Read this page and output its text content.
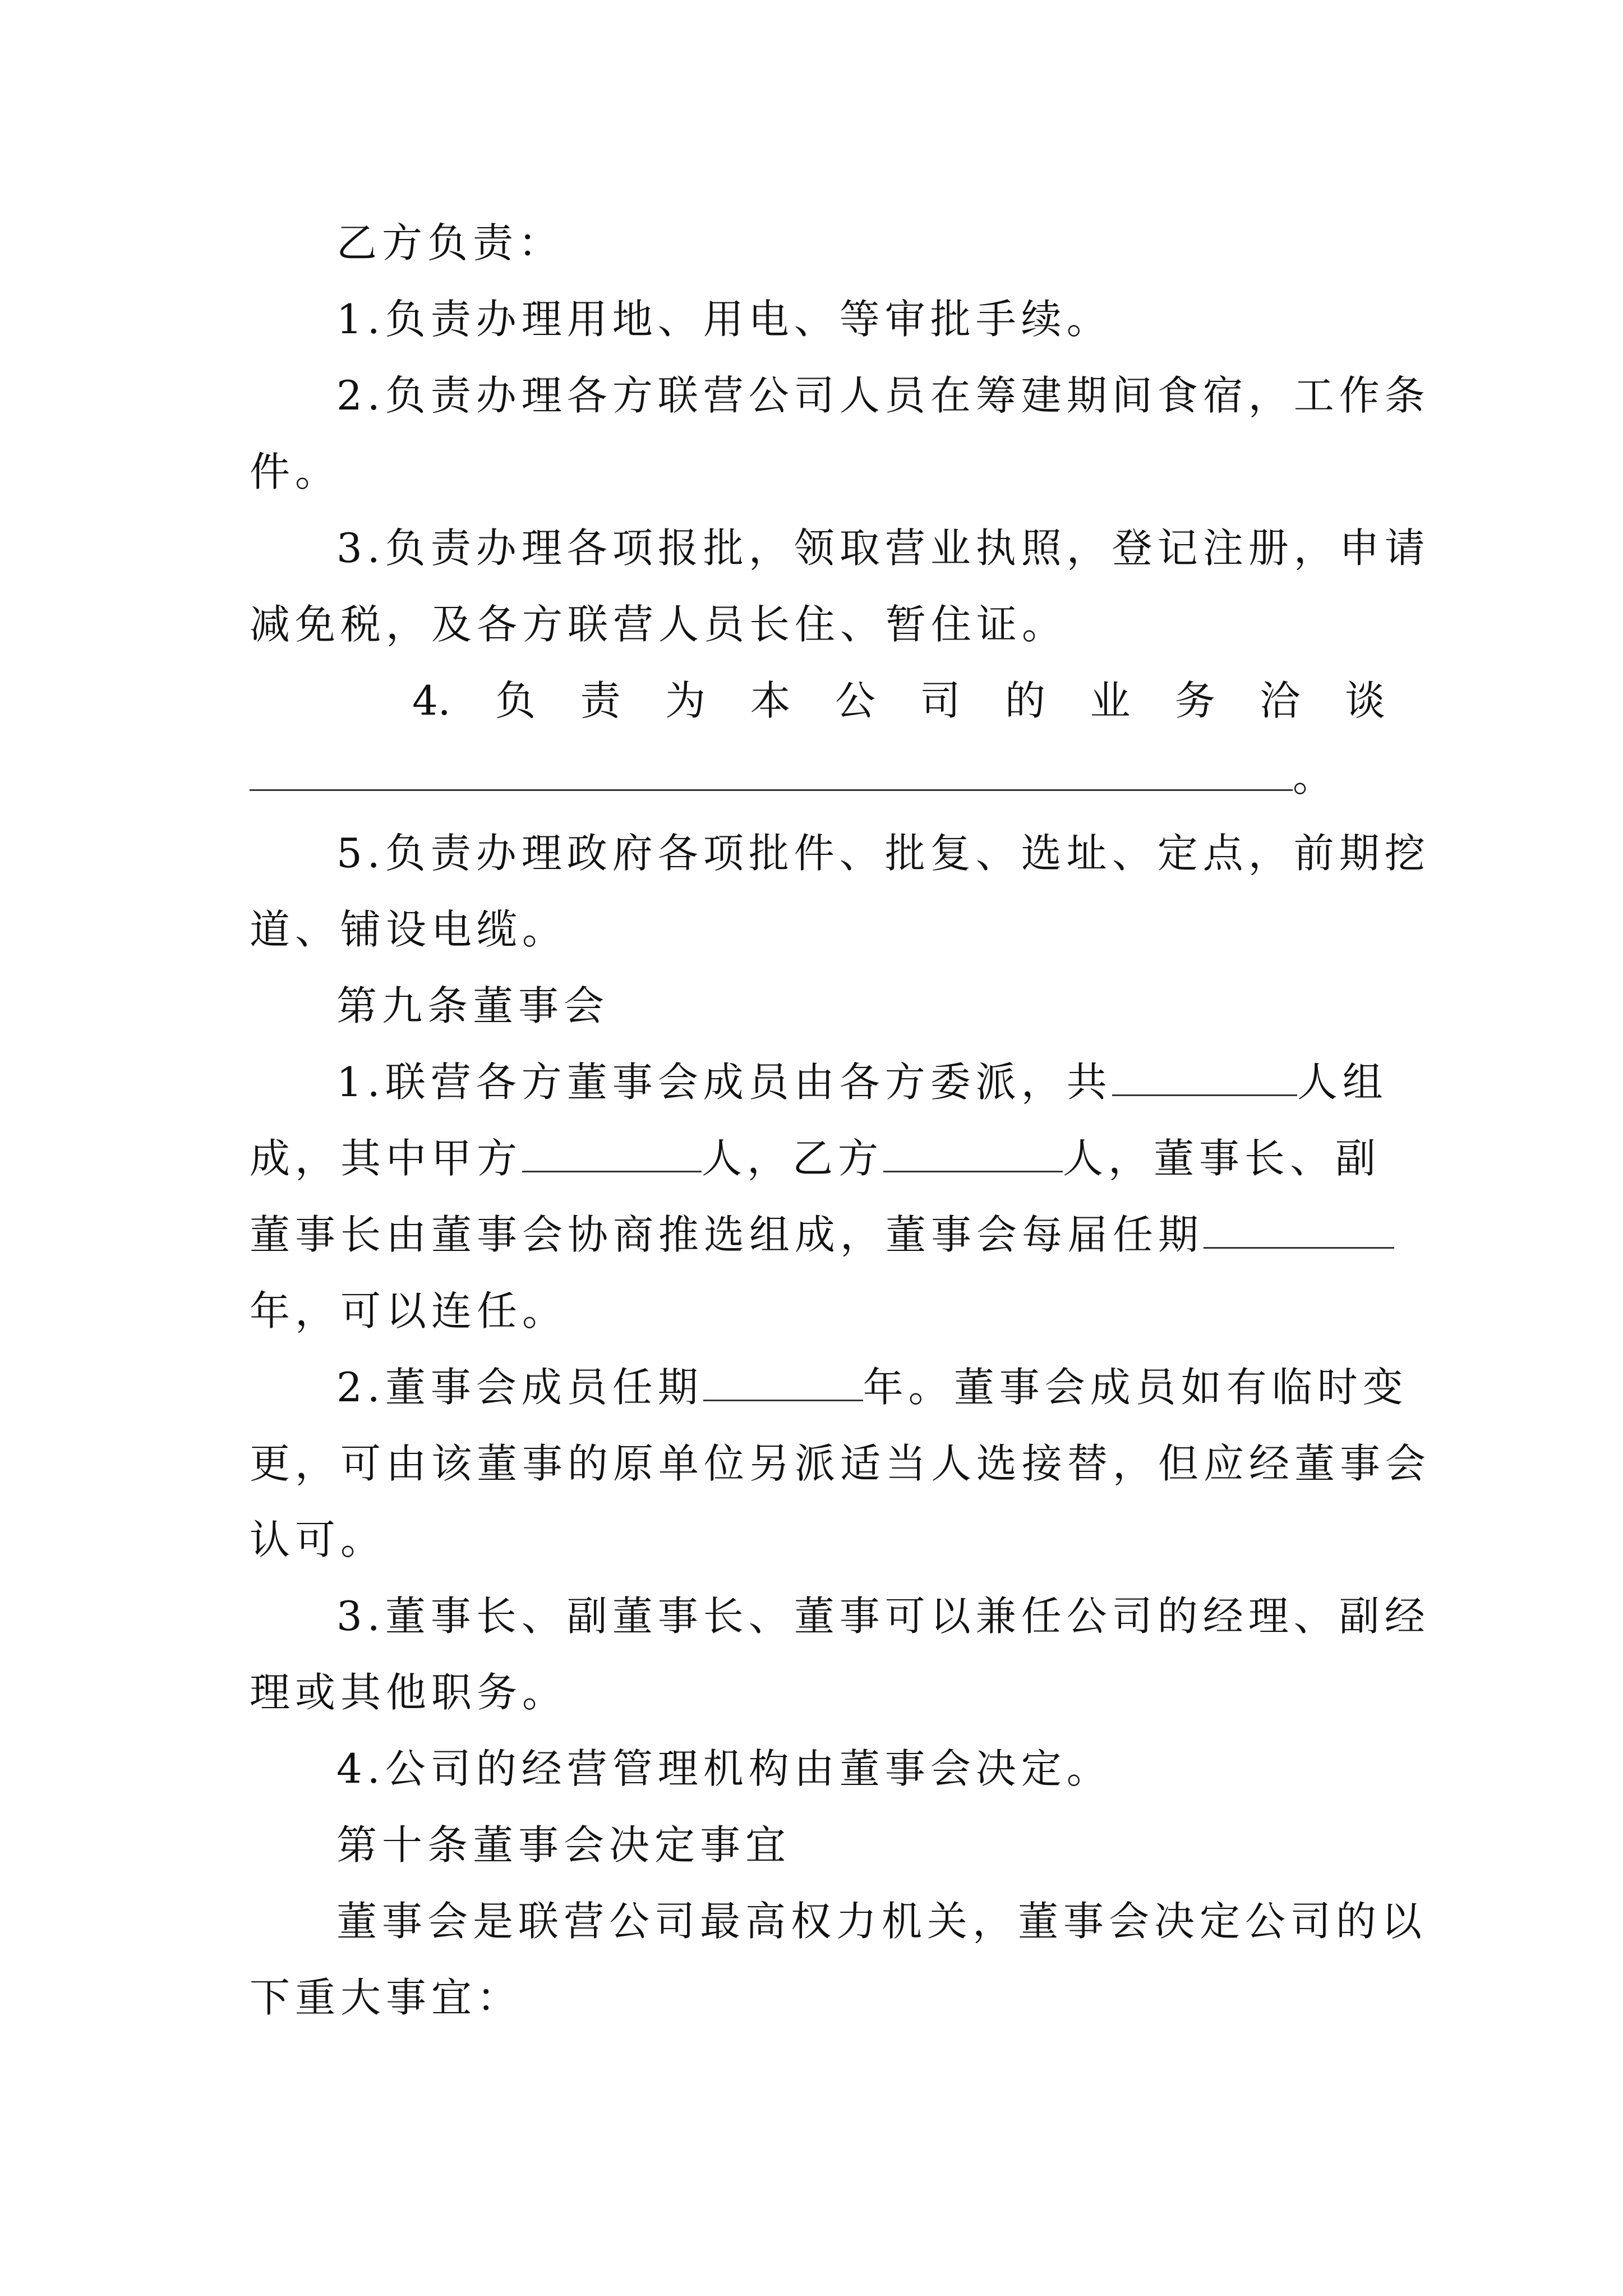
乙方负责：
1.负责办理用地、用电、等审批手续。
2.负责办理各方联营公司人员在筹建期间食宿，工作条
件。
3.负责办理各项报批，领取营业执照，登记注册，申请
减免税，及各方联营人员长住、暂住证。
4. 负 责 为 本 公 司 的 业 务 洽 谈
。
5.负责办理政府各项批件、批复、选址、定点，前期挖
道、铺设电缆。
第九条董事会
1.联营各方董事会成员由各方委派，共	人组
成，其中甲方	人，乙方	人，董事长、副
董事长由董事会协商推选组成，董事会每届任期
年，可以连任。
2.董事会成员任期	年。董事会成员如有临时变
更，可由该董事的原单位另派适当人选接替，但应经董事会
认可。
3.董事长、副董事长、董事可以兼任公司的经理、副经
理或其他职务。
4.公司的经营管理机构由董事会决定。
第十条董事会决定事宜
董事会是联营公司最高权力机关，董事会决定公司的以
下重大事宜：
